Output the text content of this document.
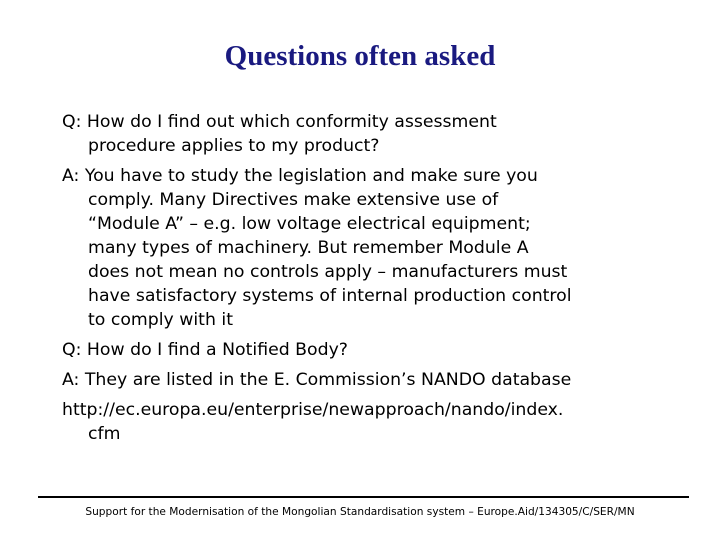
Questions often asked

Q: How do I find out which conformity assessment
procedure applies to my product?

A: You have to study the legislation and make sure you
comply. Many Directives make extensive use of
“Module A” – e.g. low voltage electrical equipment;
many types of machinery. But remember Module A
does not mean no controls apply – manufacturers must
have satisfactory systems of internal production control
to comply with it

Q: How do I find a Notified Body?

A: They are listed in the E. Commission’s NANDO database

http://ec.europa.eu/enterprise/newapproach/nando/index.
cfm

Support for the Modernisation of the Mongolian Standardisation system – Europe.Aid/134305/C/SER/MN
